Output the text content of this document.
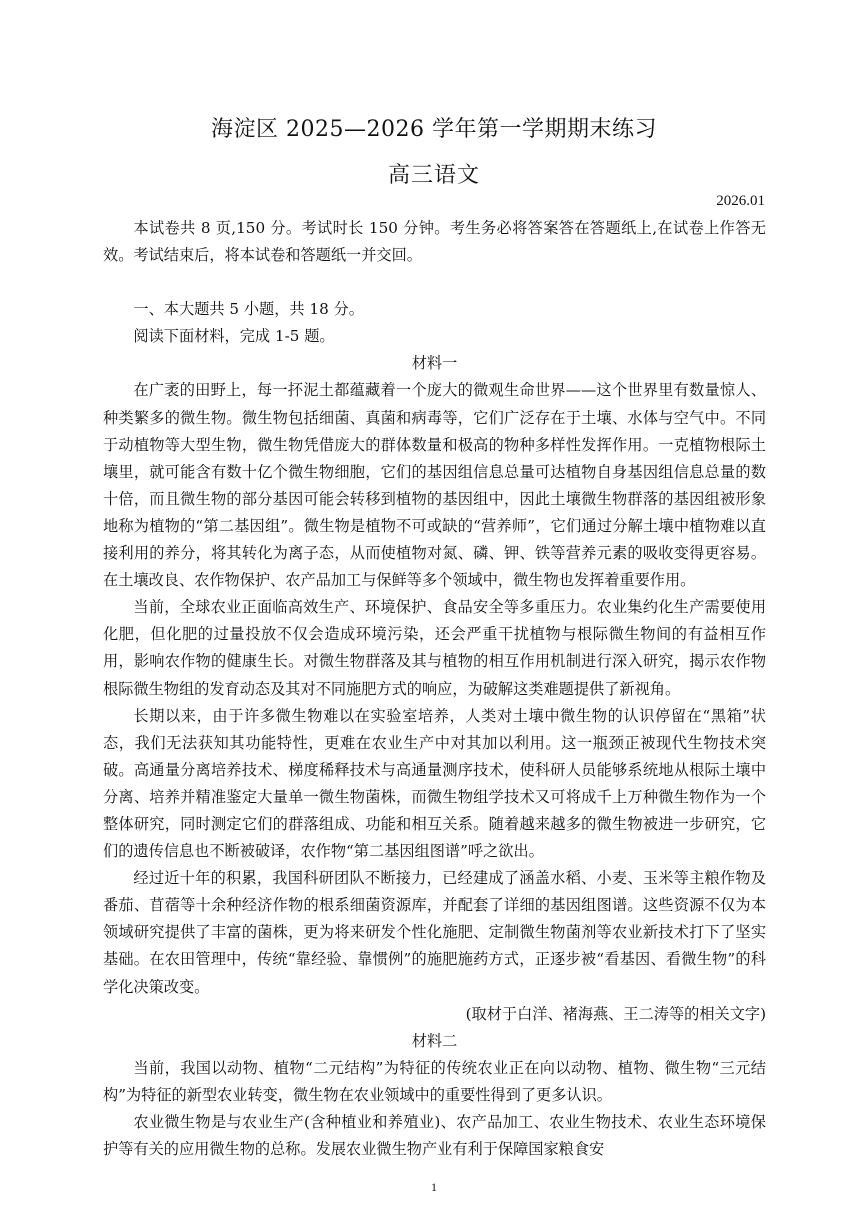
海淀区 2025—2026 学年第一学期期末练习
高三语文
2026.01

本试卷共 8 页,150 分。考试时长 150 分钟。考生务必将答案答在答题纸上,在试卷上作答无效。考试结束后，将本试卷和答题纸一并交回。

一、本大题共 5 小题，共 18 分。

阅读下面材料，完成 1-5 题。

材料一

在广袤的田野上，每一抔泥土都蕴藏着一个庞大的微观生命世界——这个世界里有数量惊人、种类繁多的微生物。微生物包括细菌、真菌和病毒等，它们广泛存在于土壤、水体与空气中。不同于动植物等大型生物，微生物凭借庞大的群体数量和极高的物种多样性发挥作用。一克植物根际土壤里，就可能含有数十亿个微生物细胞，它们的基因组信息总量可达植物自身基因组信息总量的数十倍，而且微生物的部分基因可能会转移到植物的基因组中，因此土壤微生物群落的基因组被形象地称为植物的“第二基因组”。微生物是植物不可或缺的“营养师”，它们通过分解土壤中植物难以直接利用的养分，将其转化为离子态，从而使植物对氮、磷、钾、铁等营养元素的吸收变得更容易。在土壤改良、农作物保护、农产品加工与保鲜等多个领域中，微生物也发挥着重要作用。

当前，全球农业正面临高效生产、环境保护、食品安全等多重压力。农业集约化生产需要使用化肥，但化肥的过量投放不仅会造成环境污染，还会严重干扰植物与根际微生物间的有益相互作用，影响农作物的健康生长。对微生物群落及其与植物的相互作用机制进行深入研究，揭示农作物根际微生物组的发育动态及其对不同施肥方式的响应，为破解这类难题提供了新视角。

长期以来，由于许多微生物难以在实验室培养，人类对土壤中微生物的认识停留在“黑箱”状态，我们无法获知其功能特性，更难在农业生产中对其加以利用。这一瓶颈正被现代生物技术突破。高通量分离培养技术、梯度稀释技术与高通量测序技术，使科研人员能够系统地从根际土壤中分离、培养并精准鉴定大量单一微生物菌株，而微生物组学技术又可将成千上万种微生物作为一个整体研究，同时测定它们的群落组成、功能和相互关系。随着越来越多的微生物被进一步研究，它们的遗传信息也不断被破译，农作物“第二基因组图谱”呼之欲出。

经过近十年的积累，我国科研团队不断接力，已经建成了涵盖水稻、小麦、玉米等主粮作物及番茄、苜蓿等十余种经济作物的根系细菌资源库，并配套了详细的基因组图谱。这些资源不仅为本领域研究提供了丰富的菌株，更为将来研发个性化施肥、定制微生物菌剂等农业新技术打下了坚实基础。在农田管理中，传统“靠经验、靠惯例”的施肥施药方式，正逐步被“看基因、看微生物”的科学化决策改变。

(取材于白洋、褚海燕、王二涛等的相关文字)

材料二

当前，我国以动物、植物“二元结构”为特征的传统农业正在向以动物、植物、微生物“三元结构”为特征的新型农业转变，微生物在农业领域中的重要性得到了更多认识。

农业微生物是与农业生产(含种植业和养殖业)、农产品加工、农业生物技术、农业生态环境保护等有关的应用微生物的总称。发展农业微生物产业有利于保障国家粮食安

1
